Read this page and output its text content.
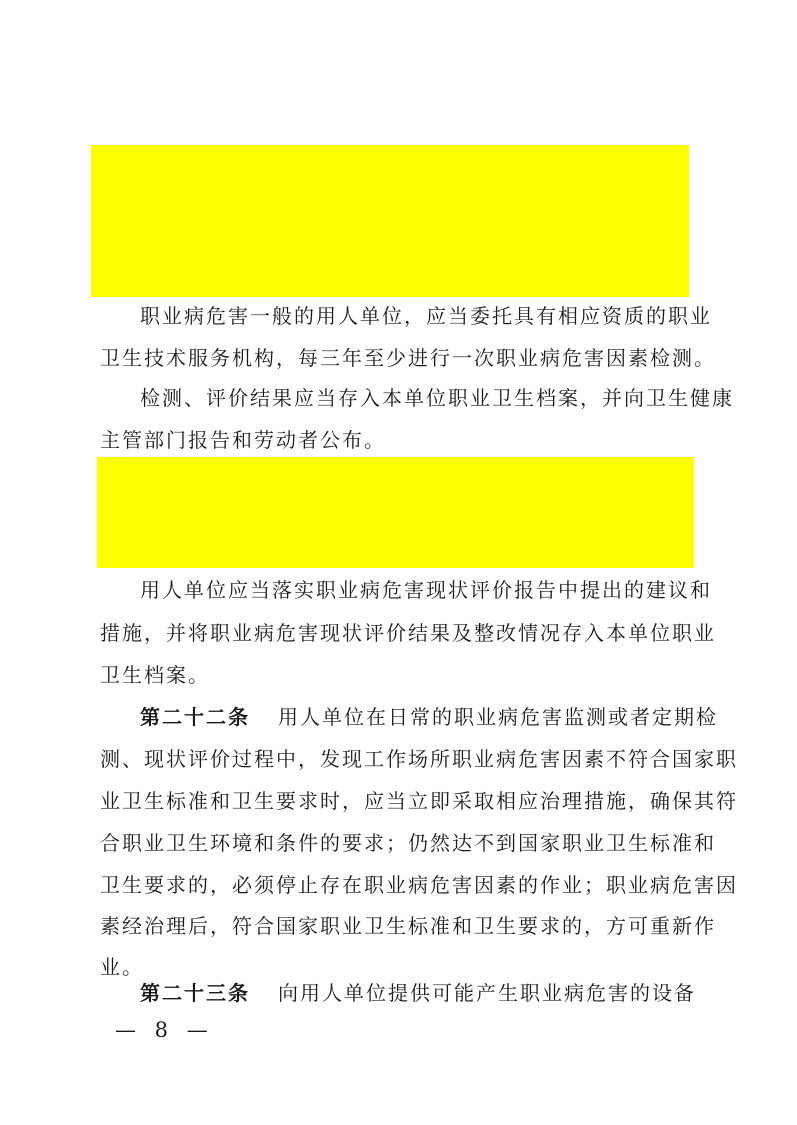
职业病危害一般的用人单位，应当委托具有相应资质的职业
卫生技术服务机构，每三年至少进行一次职业病危害因素检测。
检测、评价结果应当存入本单位职业卫生档案，并向卫生健康
主管部门报告和劳动者公布。
用人单位应当落实职业病危害现状评价报告中提出的建议和
措施，并将职业病危害现状评价结果及整改情况存入本单位职业
卫生档案。
第二十二条 用人单位在日常的职业病危害监测或者定期检
测、现状评价过程中，发现工作场所职业病危害因素不符合国家职
业卫生标准和卫生要求时，应当立即采取相应治理措施，确保其符
合职业卫生环境和条件的要求；仍然达不到国家职业卫生标准和
卫生要求的，必须停止存在职业病危害因素的作业；职业病危害因
素经治理后，符合国家职业卫生标准和卫生要求的，方可重新作
业。
第二十三条 向用人单位提供可能产生职业病危害的设备
— 8 —
